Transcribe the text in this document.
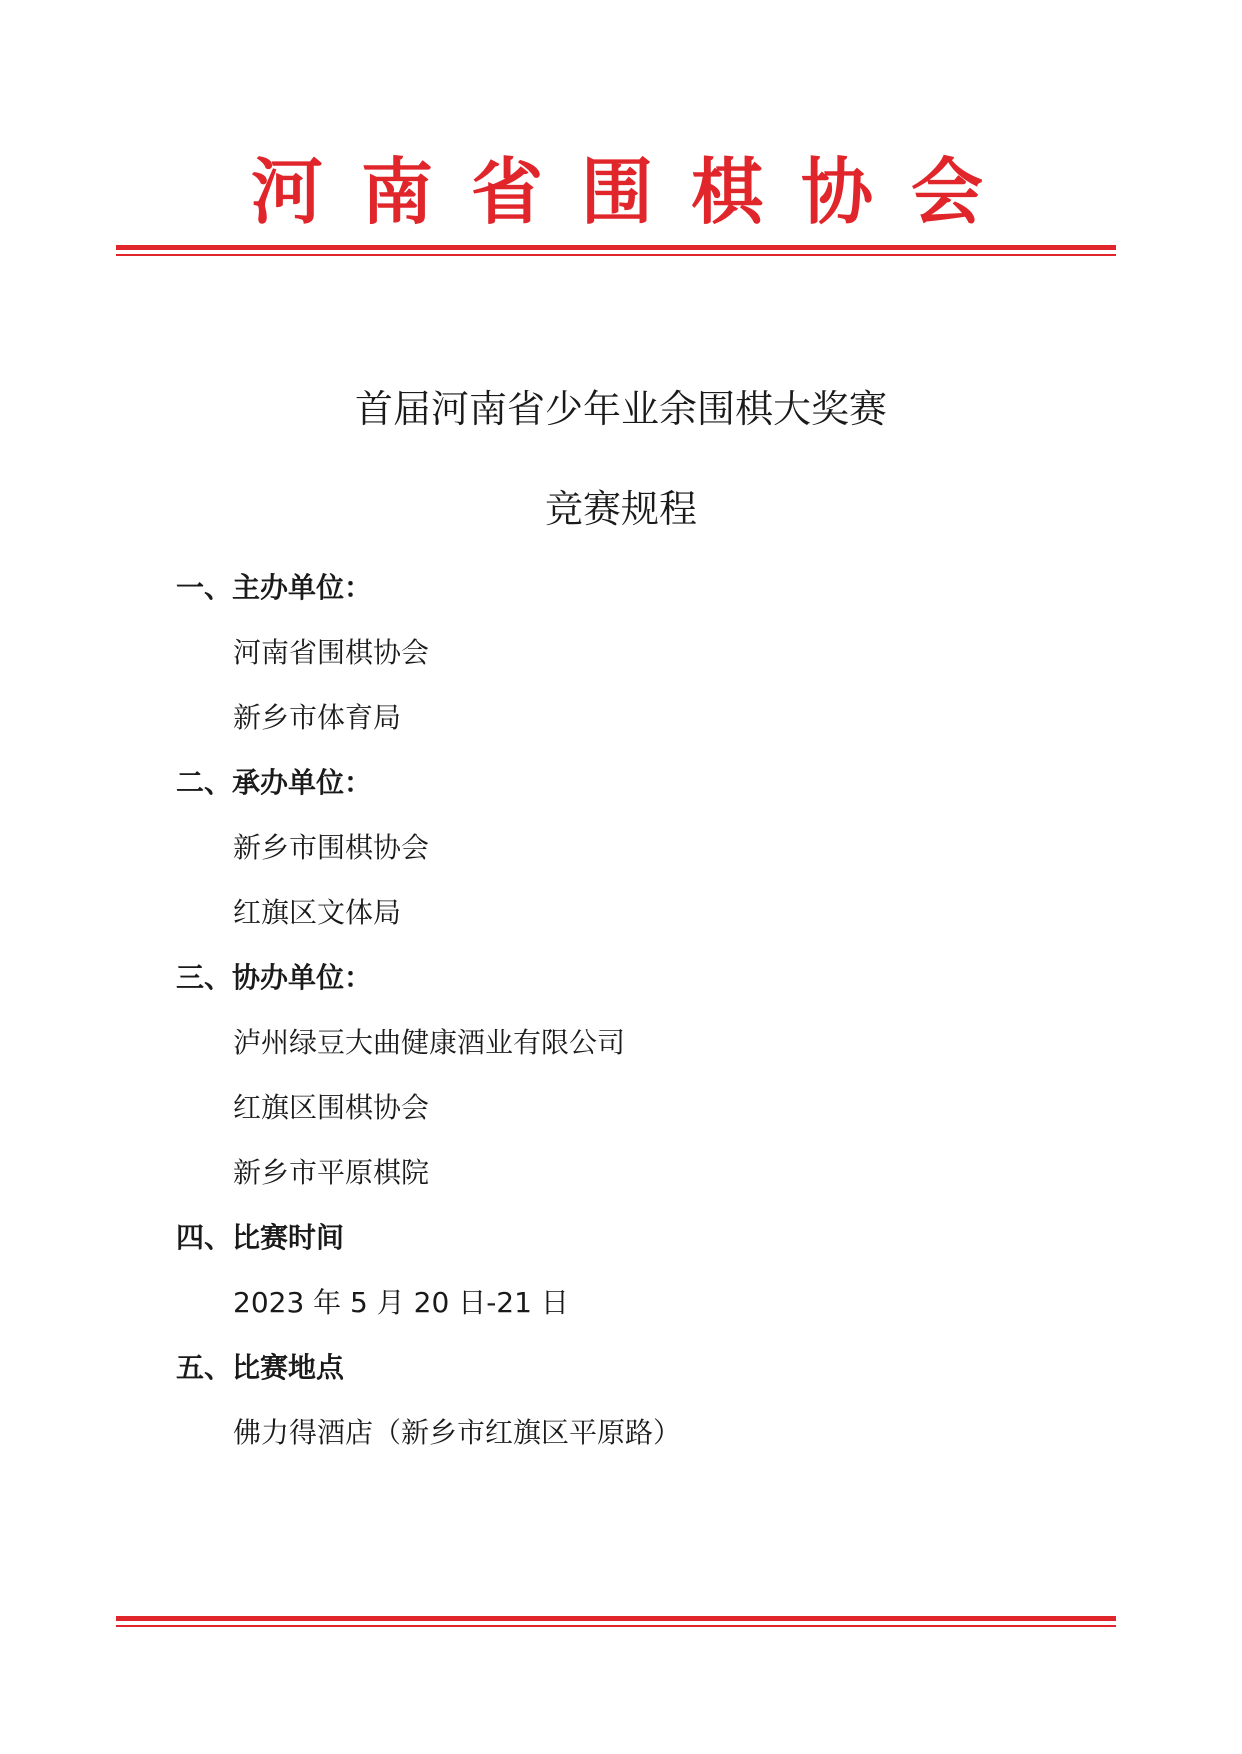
河南省围棋协会
首届河南省少年业余围棋大奖赛
竞赛规程
一、主办单位：
河南省围棋协会
新乡市体育局
二、承办单位：
新乡市围棋协会
红旗区文体局
三、协办单位：
泸州绿豆大曲健康酒业有限公司
红旗区围棋协会
新乡市平原棋院
四、比赛时间
2023 年 5 月 20 日-21 日
五、比赛地点
佛力得酒店（新乡市红旗区平原路）
